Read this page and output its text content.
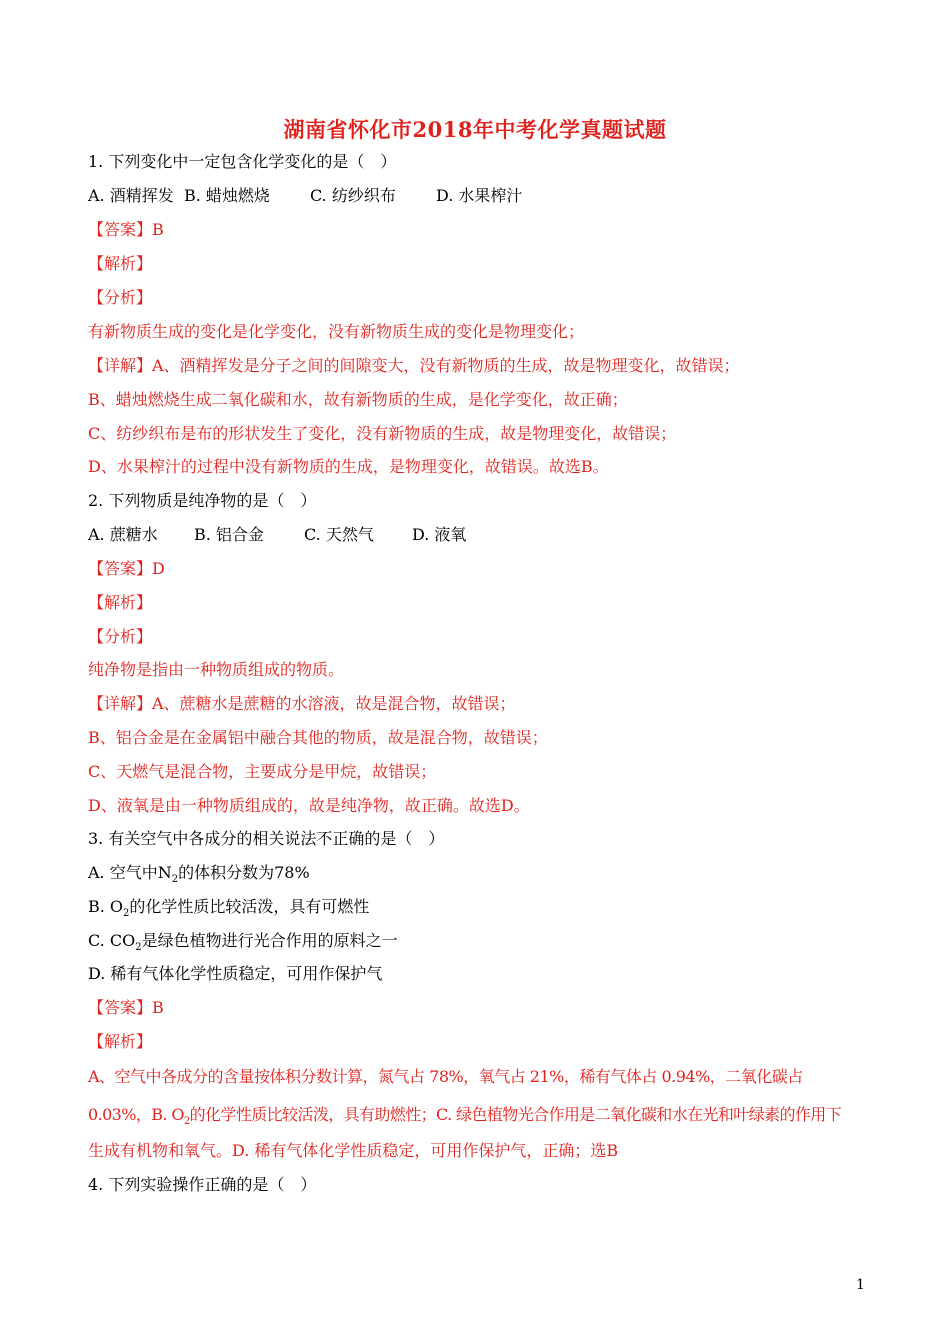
湖南省怀化市2018年中考化学真题试题
1. 下列变化中一定包含化学变化的是（　）
A. 酒精挥发 B. 蜡烛燃烧	C. 纺纱织布	D. 水果榨汁
【答案】B
【解析】
【分析】
有新物质生成的变化是化学变化，没有新物质生成的变化是物理变化；
【详解】A、酒精挥发是分子之间的间隙变大，没有新物质的生成，故是物理变化，故错误；
B、蜡烛燃烧生成二氧化碳和水，故有新物质的生成，是化学变化，故正确；
C、纺纱织布是布的形状发生了变化，没有新物质的生成，故是物理变化，故错误；
D、水果榨汁的过程中没有新物质的生成，是物理变化，故错误。故选B。
2. 下列物质是纯净物的是（　）
A. 蔗糖水 B. 铝合金	C. 天然气 D. 液氧
【答案】D
【解析】
【分析】
纯净物是指由一种物质组成的物质。
【详解】A、蔗糖水是蔗糖的水溶液，故是混合物，故错误；
B、铝合金是在金属铝中融合其他的物质，故是混合物，故错误；
C、天燃气是混合物，主要成分是甲烷，故错误；
D、液氧是由一种物质组成的，故是纯净物，故正确。故选D。
3. 有关空气中各成分的相关说法不正确的是（　）
A. 空气中$N_2$的体积分数为78%
B. $O_2$的化学性质比较活泼，具有可燃性
C. $CO_2$是绿色植物进行光合作用的原料之一
D. 稀有气体化学性质稳定，可用作保护气
【答案】B
【解析】
A、空气中各成分的含量按体积分数计算，氮气占 78%，氧气占 21%，稀有气体占 0.94%，二氧化碳占
0.03%，B. $O_2$的化学性质比较活泼，具有助燃性；C. 绿色植物光合作用是二氧化碳和水在光和叶绿素的作用下
生成有机物和氧气。D. 稀有气体化学性质稳定，可用作保护气，正确；选B
4. 下列实验操作正确的是（　）
1
